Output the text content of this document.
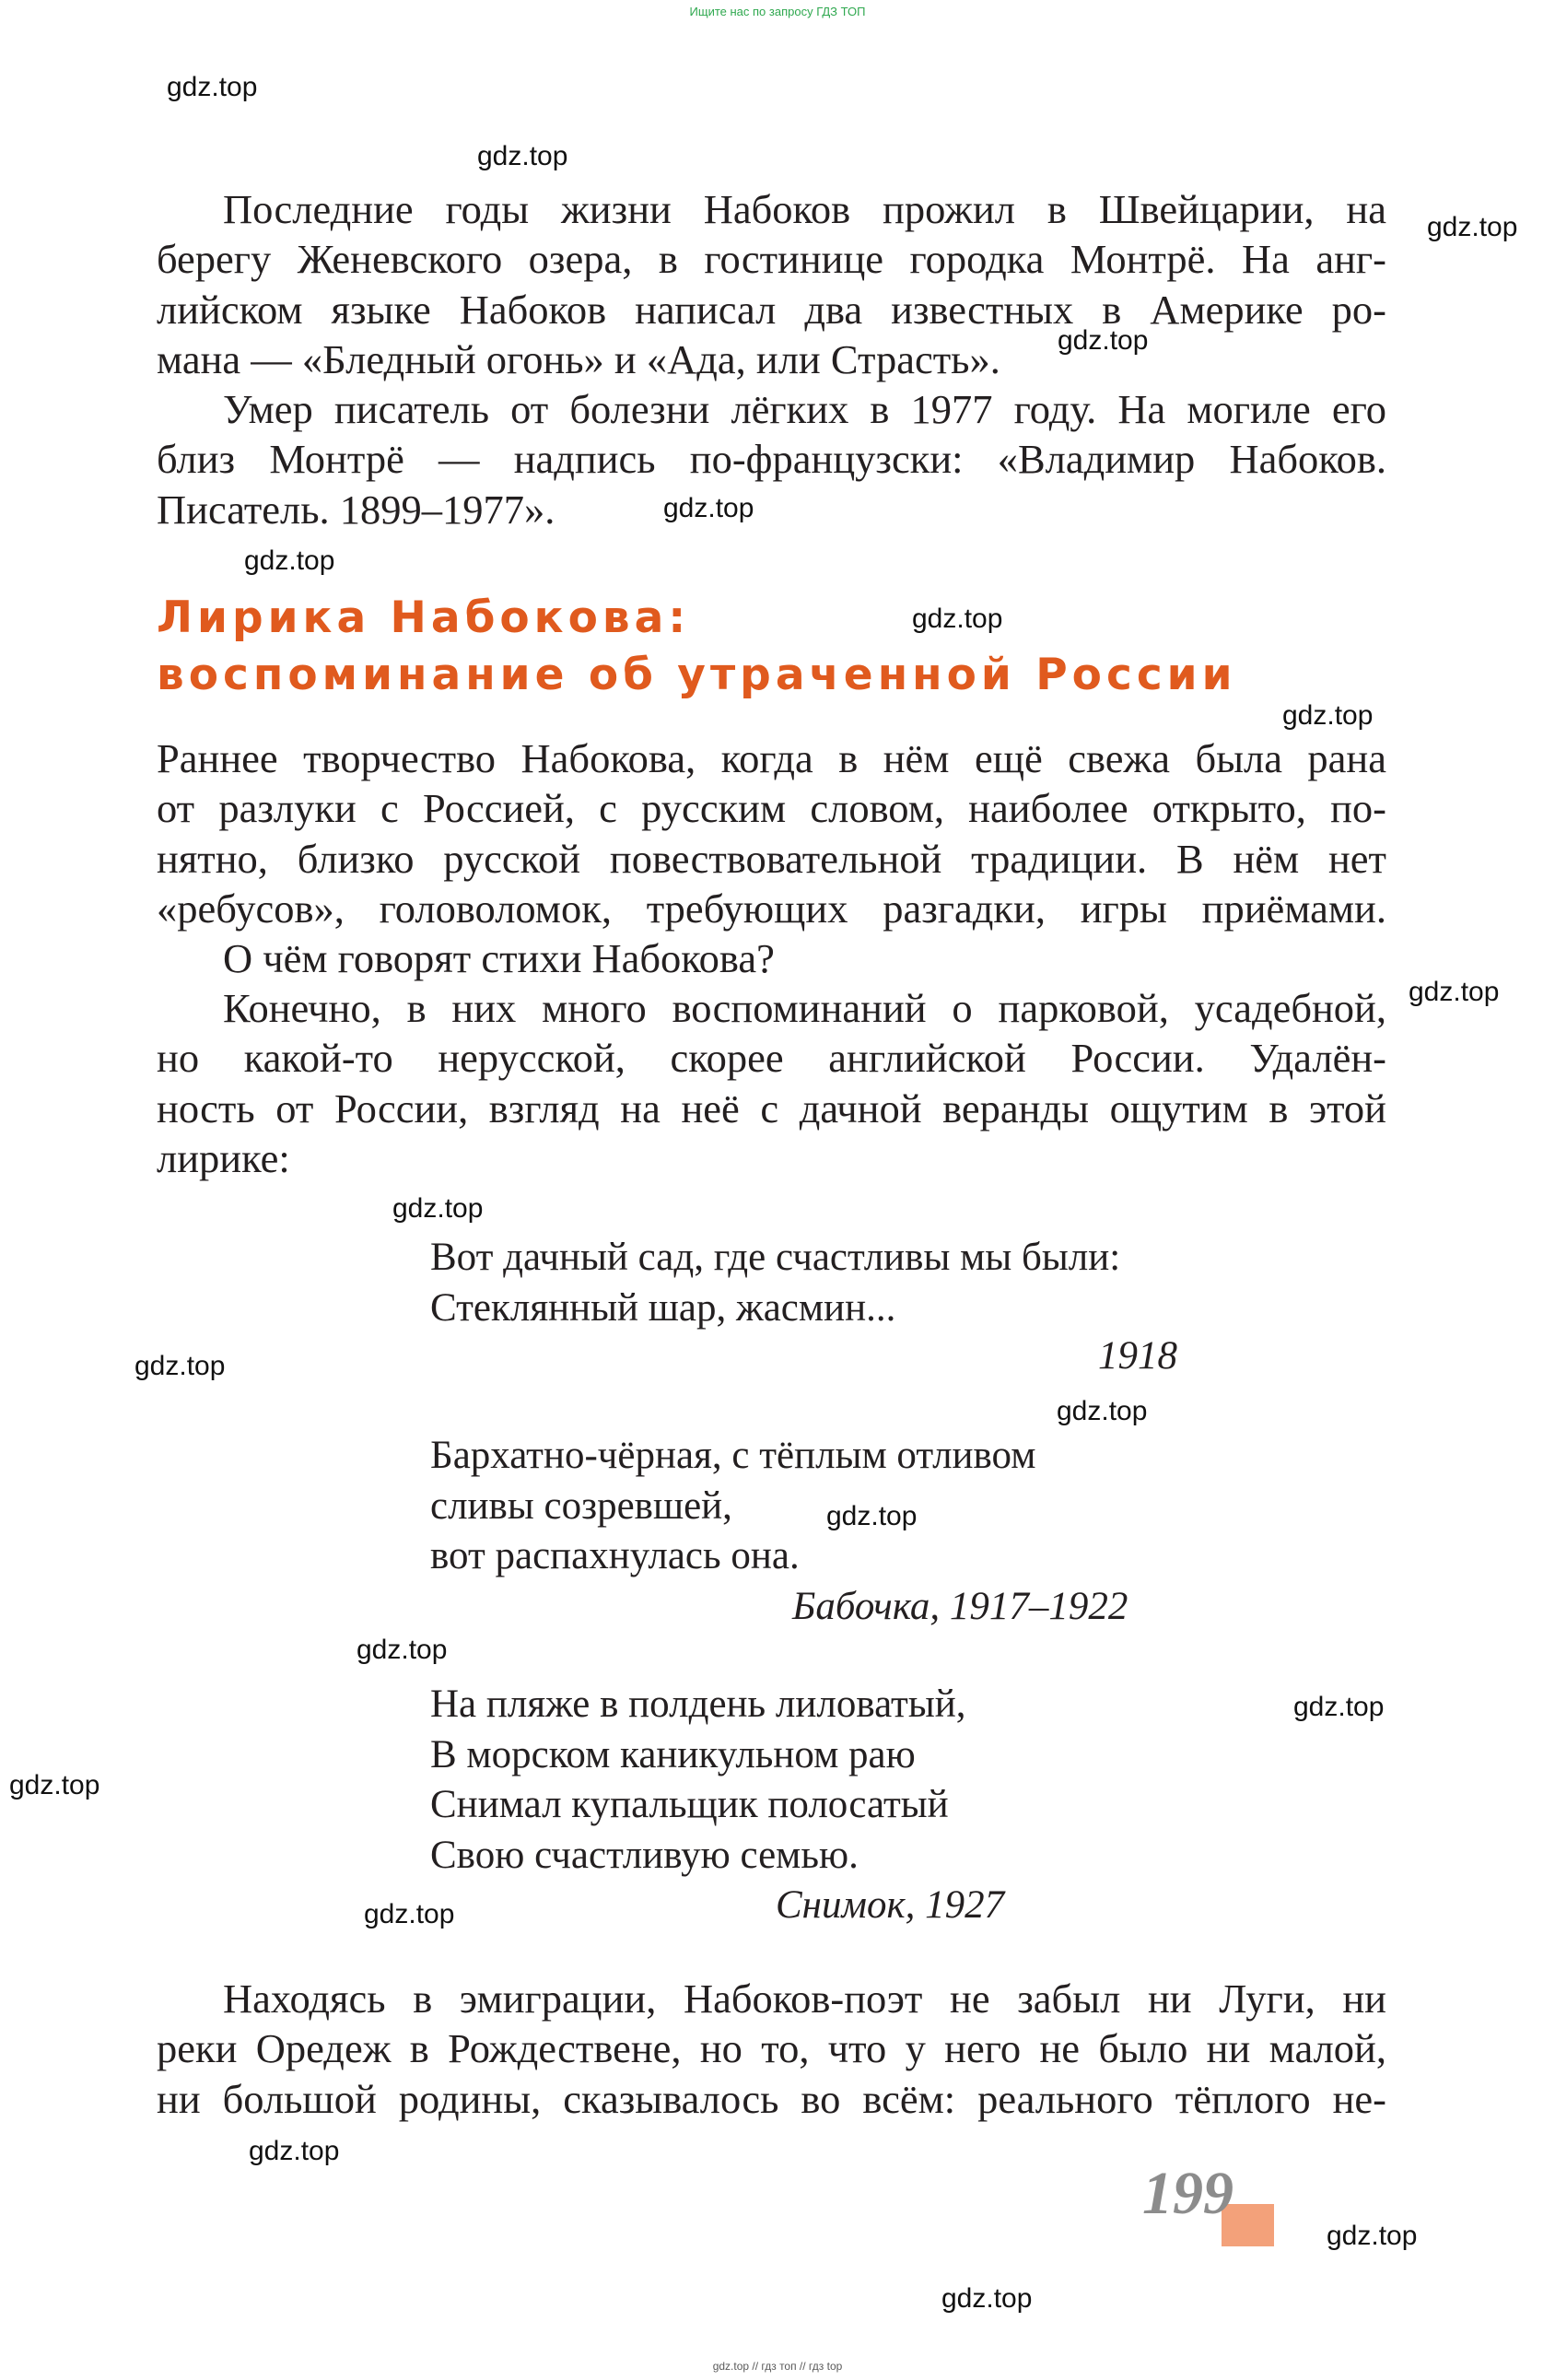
Ищите нас по запросу ГДЗ ТОП
Последние годы жизни Набоков прожил в Швейцарии, на
берегу Женевского озера, в гостинице городка Монтрё. На анг-
лийском языке Набоков написал два известных в Америке ро-
мана — «Бледный огонь» и «Ада, или Страсть».
Умер писатель от болезни лёгких в 1977 году. На могиле его
близ Монтрё — надпись по-французски: «Владимир Набоков.
Писатель. 1899–1977».
Лирика Набокова:
воспоминание об утраченной России
Раннее творчество Набокова, когда в нём ещё свежа была рана
от разлуки с Россией, с русским словом, наиболее открыто, по-
нятно, близко русской повествовательной традиции. В нём нет
«ребусов», головоломок, требующих разгадки, игры приёмами.
О чём говорят стихи Набокова?
Конечно, в них много воспоминаний о парковой, усадебной,
но какой-то нерусской, скорее английской России. Удалён-
ность от России, взгляд на неё с дачной веранды ощутим в этой
лирике:
Вот дачный сад, где счастливы мы были:
Стеклянный шар, жасмин...
1918
Бархатно-чёрная, с тёплым отливом
сливы созревшей,
вот распахнулась она.
Бабочка, 1917–1922
На пляже в полдень лиловатый,
В морском каникульном раю
Снимал купальщик полосатый
Свою счастливую семью.
Снимок, 1927
Находясь в эмиграции, Набоков-поэт не забыл ни Луги, ни
реки Оредеж в Рождествене, но то, что у него не было ни малой,
ни большой родины, сказывалось во всём: реального тёплого не-
199
gdz.top
gdz.top
gdz.top
gdz.top
gdz.top
gdz.top
gdz.top
gdz.top
gdz.top
gdz.top
gdz.top
gdz.top
gdz.top
gdz.top
gdz.top
gdz.top
gdz.top
gdz.top
gdz.top
gdz.top
gdz.top // гдз топ // гдз top
